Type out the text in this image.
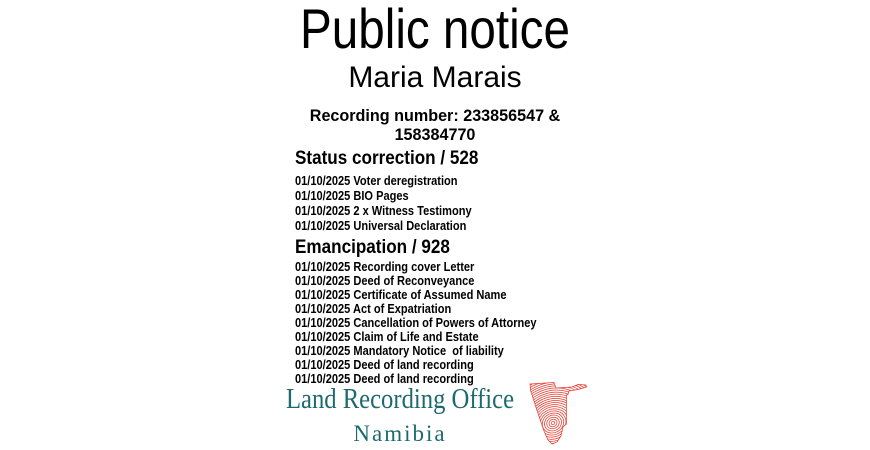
Public notice
Maria Marais
Recording number: 233856547 & 158384770
Status correction / 528
01/10/2025 Voter deregistration
01/10/2025 BIO Pages
01/10/2025 2 x Witness Testimony
01/10/2025 Universal Declaration
Emancipation / 928
01/10/2025 Recording cover Letter
01/10/2025 Deed of Reconveyance
01/10/2025 Certificate of Assumed Name
01/10/2025 Act of Expatriation
01/10/2025 Cancellation of Powers of Attorney
01/10/2025 Claim of Life and Estate
01/10/2025 Mandatory Notice  of liability
01/10/2025 Deed of land recording
01/10/2025 Deed of land recording
Land Recording Office
Namibia
